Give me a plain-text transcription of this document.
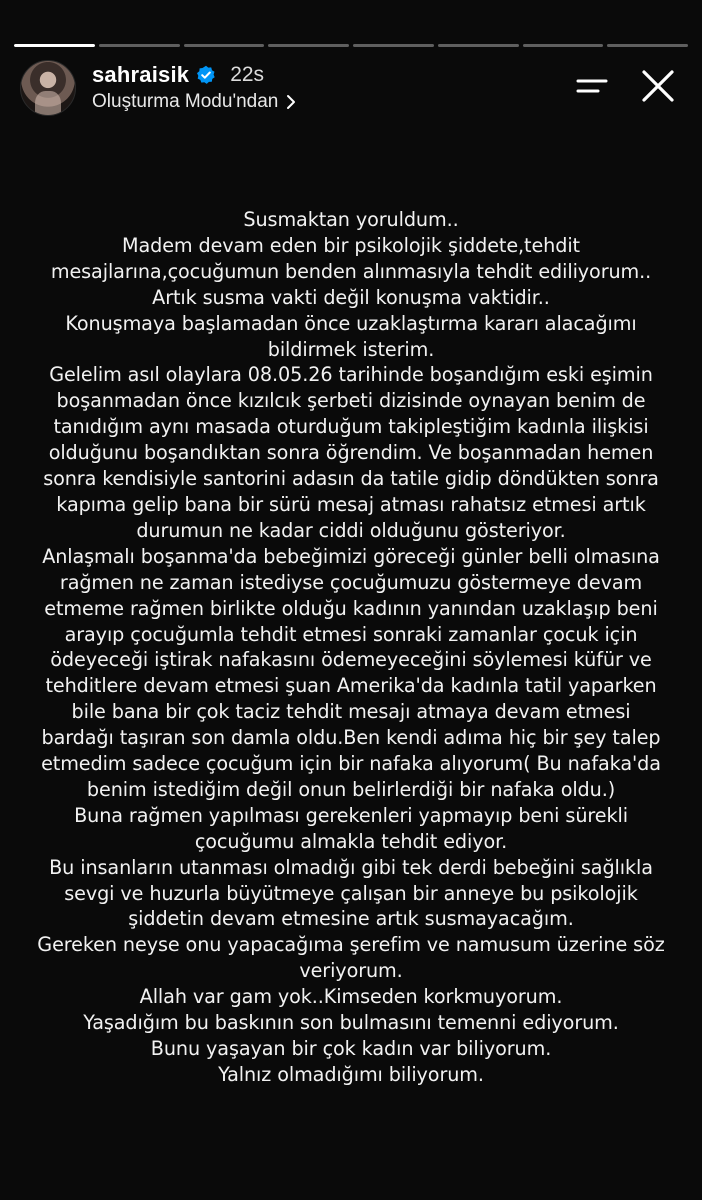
sahraisik 22s
Oluşturma Modu'ndan
Susmaktan yoruldum..
Madem devam eden bir psikolojik şiddete,tehdit
mesajlarına,çocuğumun benden alınmasıyla tehdit ediliyorum..
Artık susma vakti değil konuşma vaktidir..
Konuşmaya başlamadan önce uzaklaştırma kararı alacağımı
bildirmek isterim.
Gelelim asıl olaylara 08.05.26 tarihinde boşandığım eski eşimin
boşanmadan önce kızılcık şerbeti dizisinde oynayan benim de
tanıdığım aynı masada oturduğum takipleştiğim kadınla ilişkisi
olduğunu boşandıktan sonra öğrendim. Ve boşanmadan hemen
sonra kendisiyle santorini adasın da tatile gidip döndükten sonra
kapıma gelip bana bir sürü mesaj atması rahatsız etmesi artık
durumun ne kadar ciddi olduğunu gösteriyor.
Anlaşmalı boşanma'da bebeğimizi göreceği günler belli olmasına
rağmen ne zaman istediyse çocuğumuzu göstermeye devam
etmeme rağmen birlikte olduğu kadının yanından uzaklaşıp beni
arayıp çocuğumla tehdit etmesi sonraki zamanlar çocuk için
ödeyeceği iştirak nafakasını ödemeyeceğini söylemesi küfür ve
tehditlere devam etmesi şuan Amerika'da kadınla tatil yaparken
bile bana bir çok taciz tehdit mesajı atmaya devam etmesi
bardağı taşıran son damla oldu.Ben kendi adıma hiç bir şey talep
etmedim sadece çocuğum için bir nafaka alıyorum( Bu nafaka'da
benim istediğim değil onun belirlerdiği bir nafaka oldu.)
Buna rağmen yapılması gerekenleri yapmayıp beni sürekli
çocuğumu almakla tehdit ediyor.
Bu insanların utanması olmadığı gibi tek derdi bebeğini sağlıkla
sevgi ve huzurla büyütmeye çalışan bir anneye bu psikolojik
şiddetin devam etmesine artık susmayacağım.
Gereken neyse onu yapacağıma şerefim ve namusum üzerine söz
veriyorum.
Allah var gam yok..Kimseden korkmuyorum.
Yaşadığım bu baskının son bulmasını temenni ediyorum.
Bunu yaşayan bir çok kadın var biliyorum.
Yalnız olmadığımı biliyorum.
